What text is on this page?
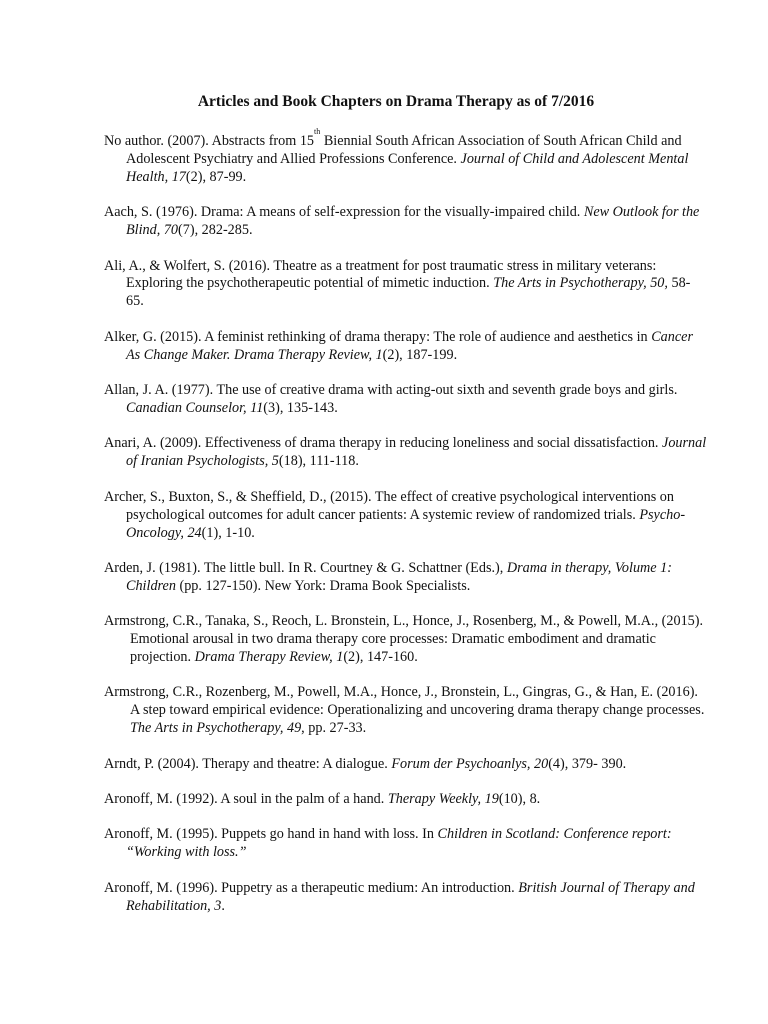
Articles and Book Chapters on Drama Therapy as of 7/2016
No author. (2007). Abstracts from 15th Biennial South African Association of South African Child and Adolescent Psychiatry and Allied Professions Conference. Journal of Child and Adolescent Mental Health, 17(2), 87-99.
Aach, S. (1976). Drama: A means of self-expression for the visually-impaired child. New Outlook for the Blind, 70(7), 282-285.
Ali, A., & Wolfert, S. (2016). Theatre as a treatment for post traumatic stress in military veterans: Exploring the psychotherapeutic potential of mimetic induction. The Arts in Psychotherapy, 50, 58-65.
Alker, G. (2015). A feminist rethinking of drama therapy: The role of audience and aesthetics in Cancer As Change Maker. Drama Therapy Review, 1(2), 187-199.
Allan, J. A. (1977). The use of creative drama with acting-out sixth and seventh grade boys and girls. Canadian Counselor, 11(3), 135-143.
Anari, A. (2009). Effectiveness of drama therapy in reducing loneliness and social dissatisfaction. Journal of Iranian Psychologists, 5(18), 111-118.
Archer, S., Buxton, S., & Sheffield, D., (2015). The effect of creative psychological interventions on psychological outcomes for adult cancer patients: A systemic review of randomized trials. Psycho-Oncology, 24(1), 1-10.
Arden, J. (1981). The little bull. In R. Courtney & G. Schattner (Eds.), Drama in therapy, Volume 1: Children (pp. 127-150). New York: Drama Book Specialists.
Armstrong, C.R., Tanaka, S., Reoch, L. Bronstein, L., Honce, J., Rosenberg, M., & Powell, M.A., (2015). Emotional arousal in two drama therapy core processes: Dramatic embodiment and dramatic projection. Drama Therapy Review, 1(2), 147-160.
Armstrong, C.R., Rozenberg, M., Powell, M.A., Honce, J., Bronstein, L., Gingras, G., & Han, E. (2016). A step toward empirical evidence: Operationalizing and uncovering drama therapy change processes. The Arts in Psychotherapy, 49, pp. 27-33.
Arndt, P. (2004). Therapy and theatre: A dialogue. Forum der Psychoanlys, 20(4), 379- 390.
Aronoff, M. (1992). A soul in the palm of a hand. Therapy Weekly, 19(10), 8.
Aronoff, M. (1995). Puppets go hand in hand with loss. In Children in Scotland: Conference report: “Working with loss.”
Aronoff, M. (1996). Puppetry as a therapeutic medium: An introduction. British Journal of Therapy and Rehabilitation, 3.
